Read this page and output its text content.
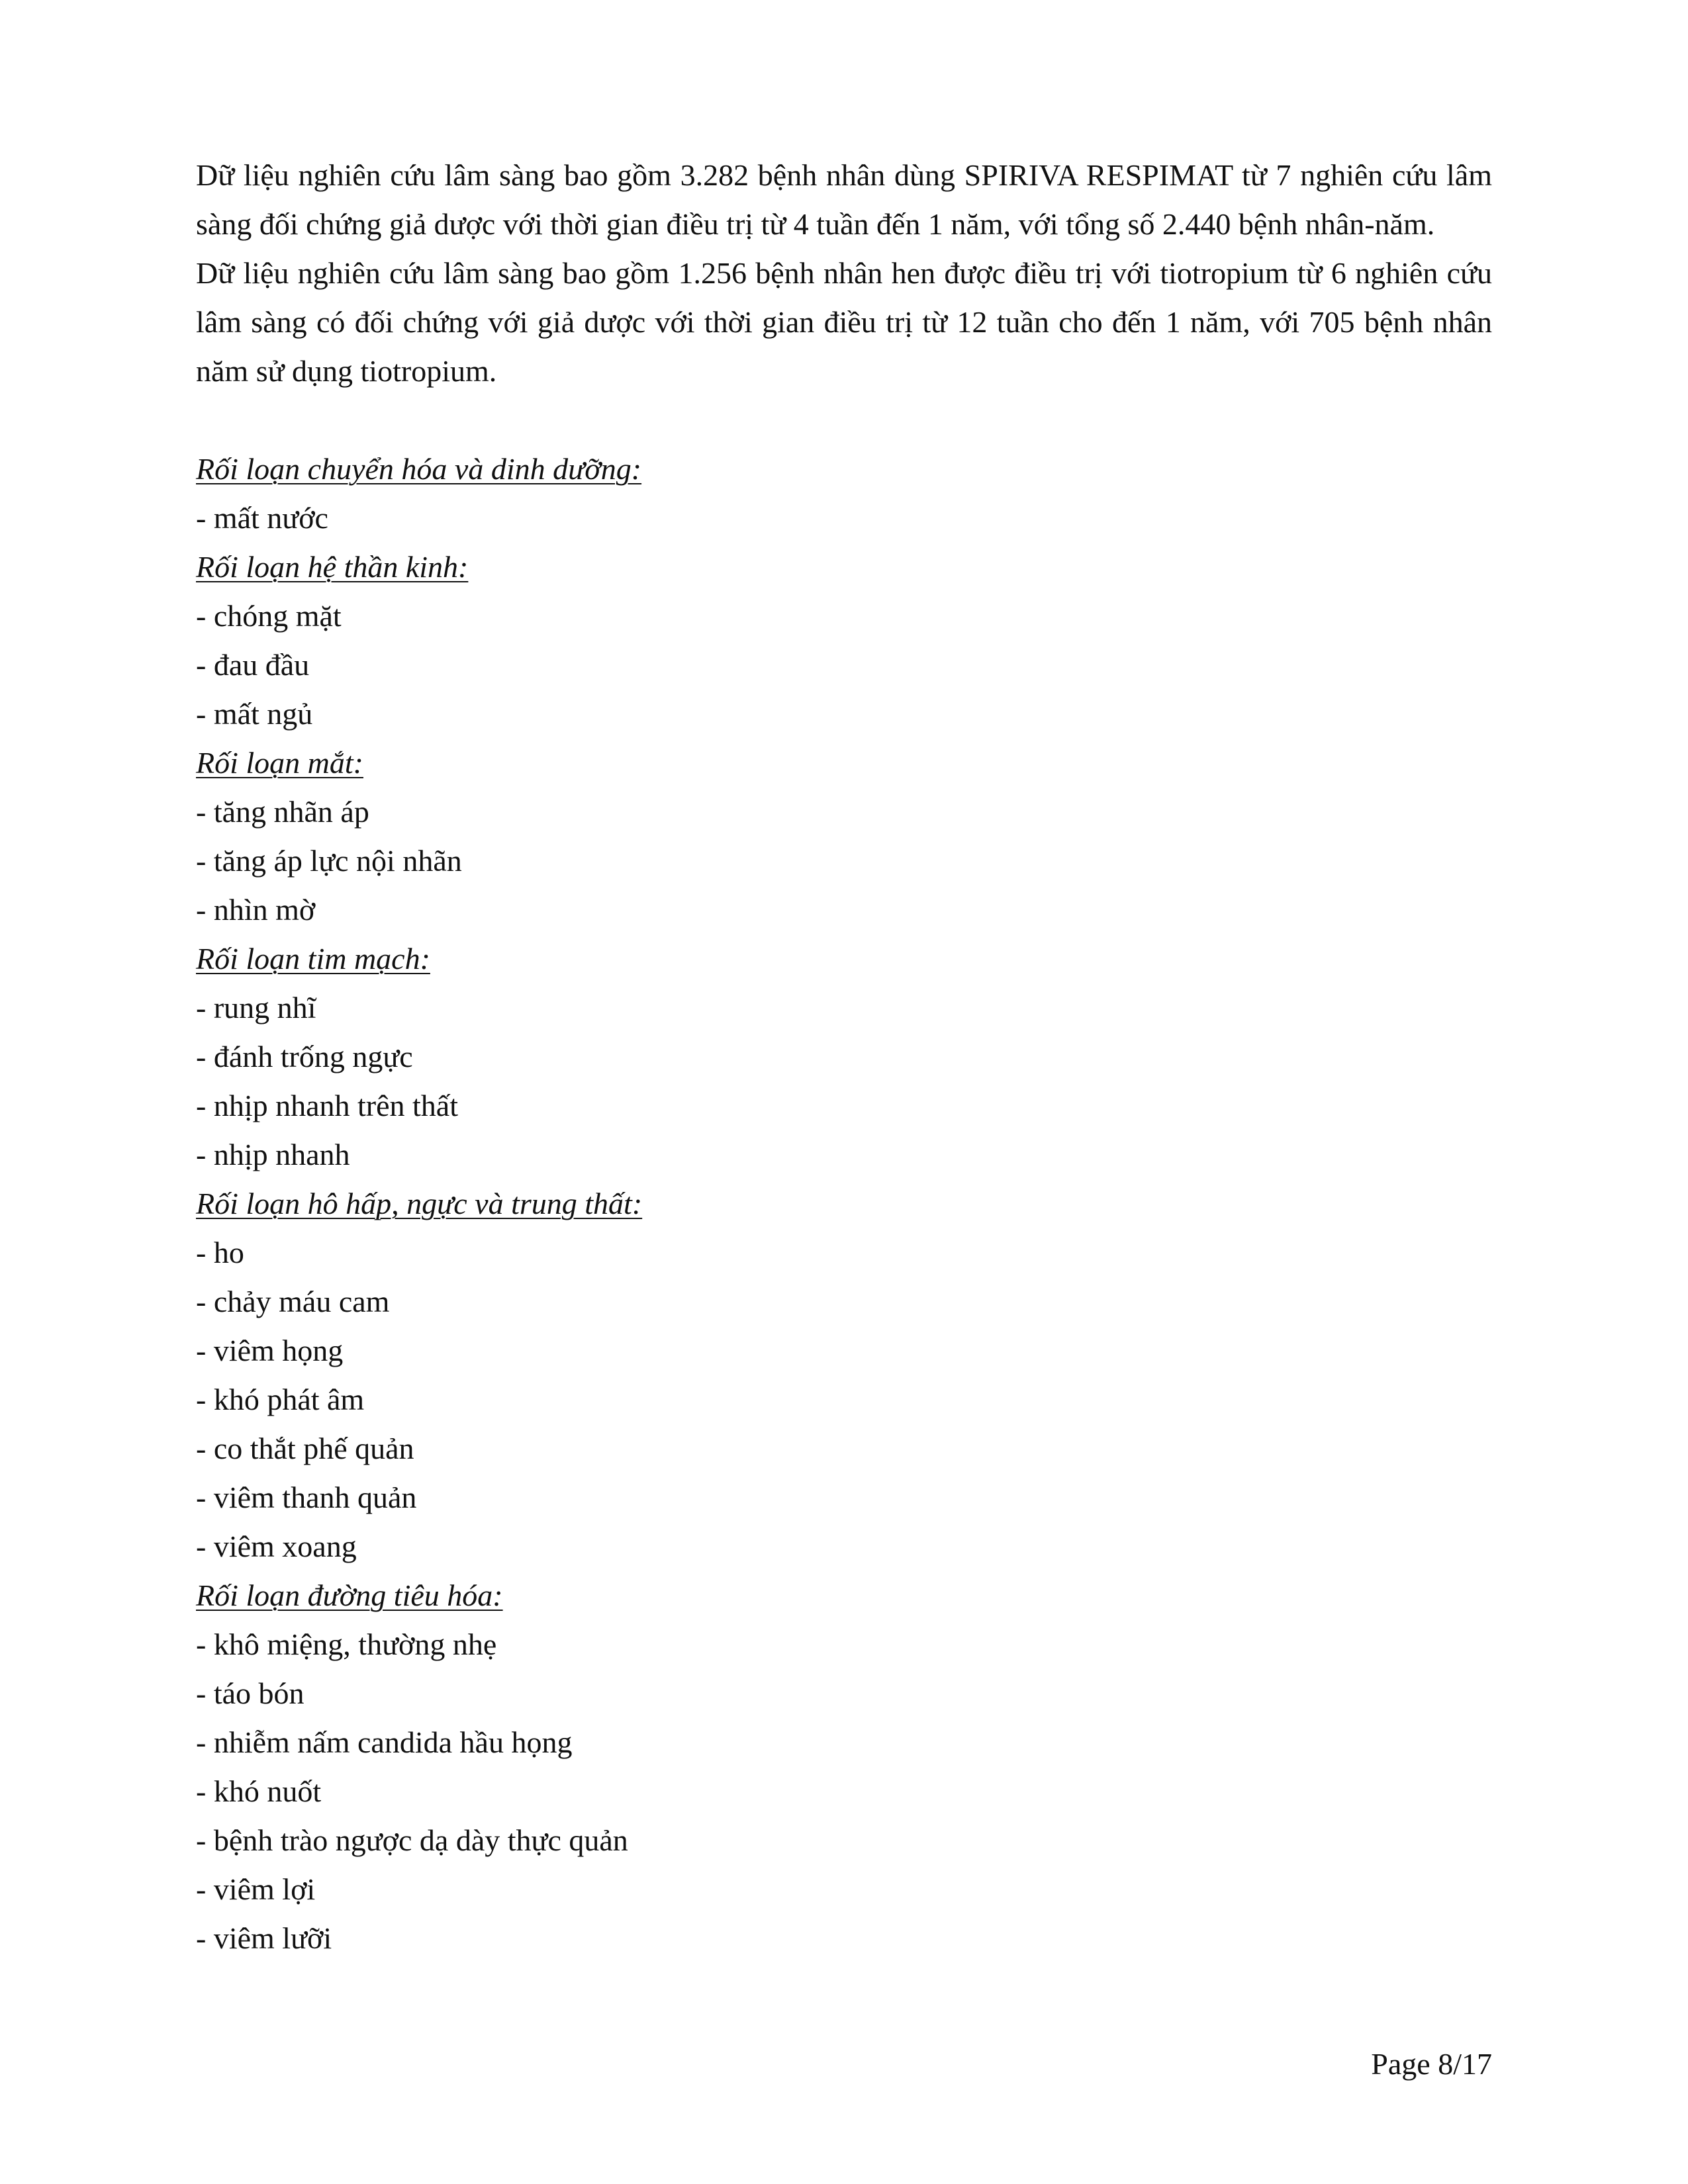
Dữ liệu nghiên cứu lâm sàng bao gồm 3.282 bệnh nhân dùng SPIRIVA RESPIMAT từ 7 nghiên cứu lâm sàng đối chứng giả dược với thời gian điều trị từ 4 tuần đến 1 năm, với tổng số 2.440 bệnh nhân-năm.

Dữ liệu nghiên cứu lâm sàng bao gồm 1.256 bệnh nhân hen được điều trị với tiotropium từ 6 nghiên cứu lâm sàng có đối chứng với giả dược với thời gian điều trị từ 12 tuần cho đến 1 năm, với 705 bệnh nhân năm sử dụng tiotropium.

Rối loạn chuyển hóa và dinh dưỡng:

- mất nước

Rối loạn hệ thần kinh:

- chóng mặt
- đau đầu
- mất ngủ

Rối loạn mắt:

- tăng nhãn áp
- tăng áp lực nội nhãn
- nhìn mờ

Rối loạn tim mạch:

- rung nhĩ
- đánh trống ngực
- nhịp nhanh trên thất
- nhịp nhanh

Rối loạn hô hấp, ngực và trung thất:

- ho
- chảy máu cam
- viêm họng
- khó phát âm
- co thắt phế quản
- viêm thanh quản
- viêm xoang

Rối loạn đường tiêu hóa:

- khô miệng, thường nhẹ
- táo bón
- nhiễm nấm candida hầu họng
- khó nuốt
- bệnh trào ngược dạ dày thực quản
- viêm lợi
- viêm lưỡi
Page 8/17
